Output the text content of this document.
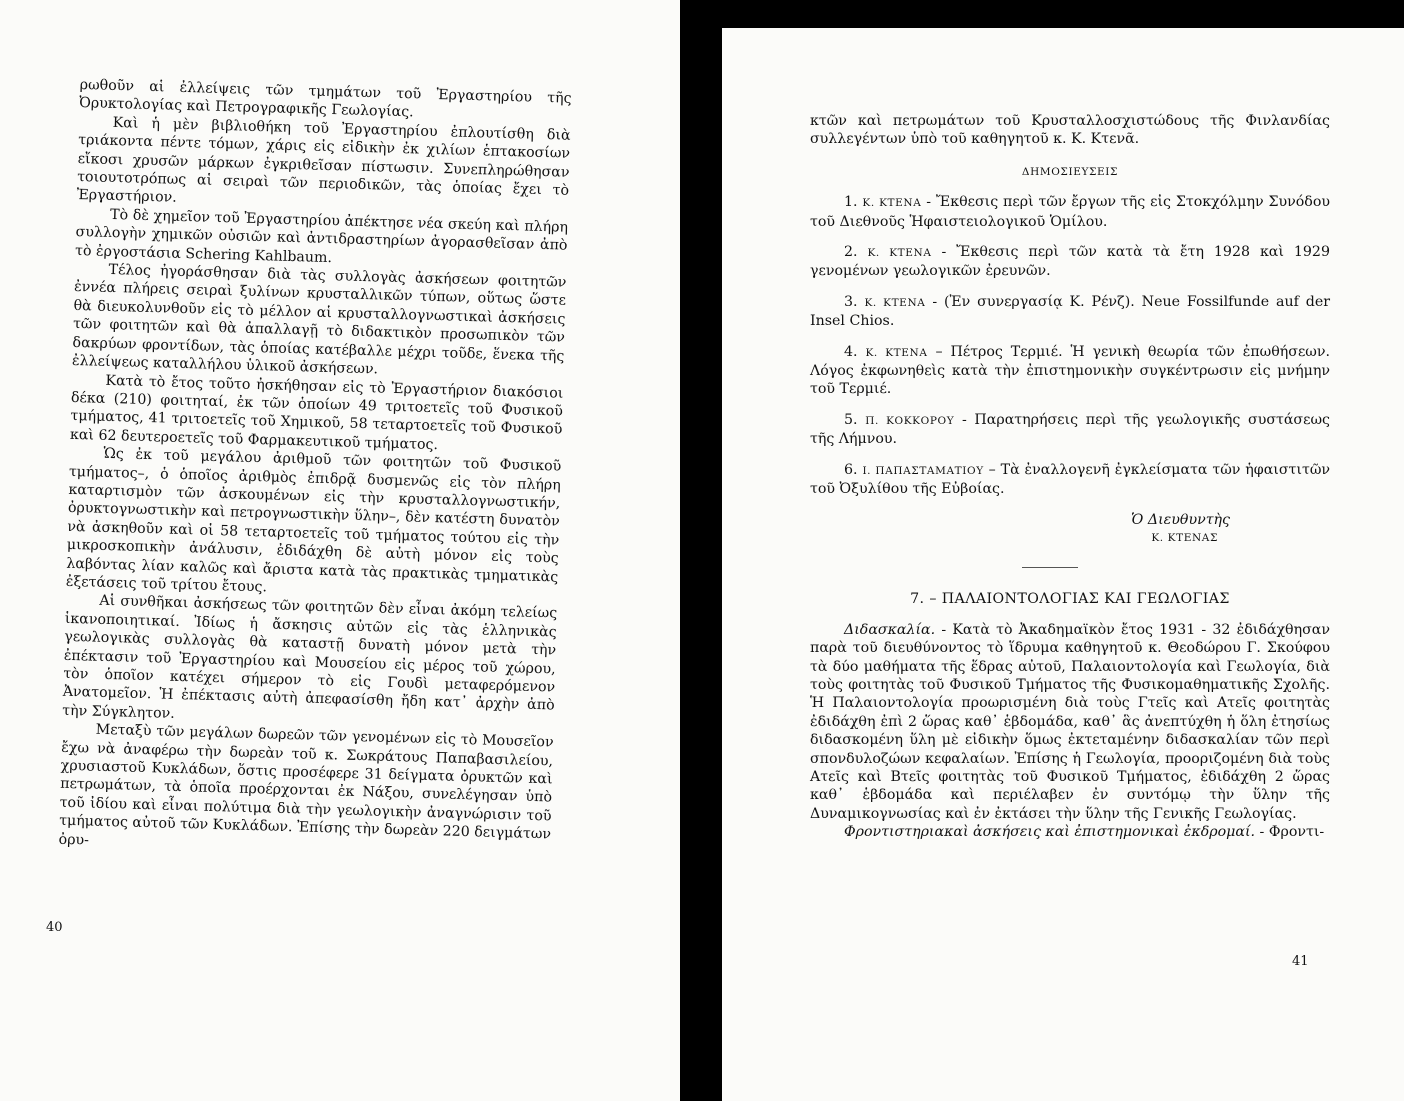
ρωθοῦν αἱ ἐλλείψεις τῶν τμημάτων τοῦ Ἐργαστηρίου τῆς Ὀρυκτολογίας καὶ Πετρογραφικῆς Γεωλογίας.

Καὶ ἡ μὲν βιβλιοθήκη τοῦ Ἐργαστηρίου ἐπλουτίσθη διὰ τριάκοντα πέντε τόμων, χάρις εἰς εἰδικὴν ἐκ χιλίων ἑπτακοσίων εἴκοσι χρυσῶν μάρκων ἐγκριθεῖσαν πίστωσιν. Συνεπληρώθησαν τοιουτοτρόπως αἱ σειραὶ τῶν περιοδικῶν, τὰς ὁποίας ἔχει τὸ Ἐργαστήριον.

Τὸ δὲ χημεῖον τοῦ Ἐργαστηρίου ἀπέκτησε νέα σκεύη καὶ πλήρη συλλογὴν χημικῶν οὐσιῶν καὶ ἀντιδραστηρίων ἀγορασθεῖσαν ἀπὸ τὸ ἐργοστάσια Schering Kahlbaum.

Τέλος ἠγοράσθησαν διὰ τὰς συλλογὰς ἀσκήσεων φοιτητῶν ἐννέα πλήρεις σειραὶ ξυλίνων κρυσταλλικῶν τύπων, οὕτως ὥστε θὰ διευκολυνθοῦν εἰς τὸ μέλλον αἱ κρυσταλλογνωστικαὶ ἀσκήσεις τῶν φοιτητῶν καὶ θὰ ἀπαλλαγῇ τὸ διδακτικὸν προσωπικὸν τῶν δακρύων φροντίδων, τὰς ὁποίας κατέβαλλε μέχρι τοῦδε, ἕνεκα τῆς ἐλλείψεως καταλλήλου ὑλικοῦ ἀσκήσεων.

Κατὰ τὸ ἔτος τοῦτο ἠσκήθησαν εἰς τὸ Ἐργαστήριον διακόσιοι δέκα (210) φοιτηταί, ἐκ τῶν ὁποίων 49 τριτοετεῖς τοῦ Φυσικοῦ τμήματος, 41 τριτοετεῖς τοῦ Χημικοῦ, 58 τεταρτοετεῖς τοῦ Φυσικοῦ καὶ 62 δευτεροετεῖς τοῦ Φαρμακευτικοῦ τμήματος.

Ὡς ἐκ τοῦ μεγάλου ἀριθμοῦ τῶν φοιτητῶν τοῦ Φυσικοῦ τμήματος–, ὁ ὁποῖος ἀριθμὸς ἐπιδρᾷ δυσμενῶς εἰς τὸν πλήρη καταρτισμὸν τῶν ἀσκουμένων εἰς τὴν κρυσταλλογνωστικήν, ὀρυκτογνωστικὴν καὶ πετρογνωστικὴν ὕλην–, δὲν κατέστη δυνατὸν νὰ ἀσκηθοῦν καὶ οἱ 58 τεταρτοετεῖς τοῦ τμήματος τούτου εἰς τὴν μικροσκοπικὴν ἀνάλυσιν, ἐδιδάχθη δὲ αὐτὴ μόνον εἰς τοὺς λαβόντας λίαν καλῶς καὶ ἄριστα κατὰ τὰς πρακτικὰς τμηματικὰς ἐξετάσεις τοῦ τρίτου ἔτους.

Αἱ συνθῆκαι ἀσκήσεως τῶν φοιτητῶν δὲν εἶναι ἀκόμη τελείως ἱκανοποιητικαί. Ἰδίως ἡ ἄσκησις αὐτῶν εἰς τὰς ἑλληνικὰς γεωλογικὰς συλλογὰς θὰ καταστῇ δυνατὴ μόνον μετὰ τὴν ἐπέκτασιν τοῦ Ἐργαστηρίου καὶ Μουσείου εἰς μέρος τοῦ χώρου, τὸν ὁποῖον κατέχει σήμερον τὸ εἰς Γουδὶ μεταφερόμενον Ἀνατομεῖον. Ἡ ἐπέκτασις αὐτὴ ἀπεφασίσθη ἤδη κατ᾽ ἀρχὴν ἀπὸ τὴν Σύγκλητον.

Μεταξὺ τῶν μεγάλων δωρεῶν τῶν γενομένων εἰς τὸ Μουσεῖον ἔχω νὰ ἀναφέρω τὴν δωρεὰν τοῦ κ. Σωκράτους Παπαβασιλείου, χρυσιαστοῦ Κυκλάδων, ὅστις προσέφερε 31 δείγματα ὀρυκτῶν καὶ πετρωμάτων, τὰ ὁποῖα προέρχονται ἐκ Νάξου, συνελέγησαν ὑπὸ τοῦ ἰδίου καὶ εἶναι πολύτιμα διὰ τὴν γεωλογικὴν ἀναγνώρισιν τοῦ τμήματος αὐτοῦ τῶν Κυκλάδων. Ἐπίσης τὴν δωρεὰν 220 δειγμάτων ὀρυ-

40

κτῶν καὶ πετρωμάτων τοῦ Κρυσταλλοσχιστώδους τῆς Φινλανδίας συλλεγέντων ὑπὸ τοῦ καθηγητοῦ κ. Κ. Κτενᾶ.

ΔΗΜΟΣΙΕΥΣΕΙΣ

1. Κ. ΚΤΕΝΑ - Ἔκθεσις περὶ τῶν ἔργων τῆς εἰς Στοκχόλμην Συνόδου τοῦ Διεθνοῦς Ἡφαιστειολογικοῦ Ὁμίλου.

2. Κ. ΚΤΕΝΑ - Ἔκθεσις περὶ τῶν κατὰ τὰ ἔτη 1928 καὶ 1929 γενομένων γεωλογικῶν ἐρευνῶν.

3. Κ. ΚΤΕΝΑ - (Ἐν συνεργασίᾳ Κ. Ρένζ). Neue Fossilfunde auf der Insel Chios.

4. Κ. ΚΤΕΝΑ – Πέτρος Τερμιέ. Ἡ γενικὴ θεωρία τῶν ἐπωθήσεων. Λόγος ἐκφωνηθεὶς κατὰ τὴν ἐπιστημονικὴν συγκέντρωσιν εἰς μνήμην τοῦ Τερμιέ.

5. Π. ΚΟΚΚΟΡΟΥ - Παρατηρήσεις περὶ τῆς γεωλογικῆς συστάσεως τῆς Λήμνου.

6. Ι. ΠΑΠΑΣΤΑΜΑΤΙΟΥ – Τὰ ἐναλλογενῆ ἐγκλείσματα τῶν ἡφαιστιτῶν τοῦ Ὀξυλίθου τῆς Εὐβοίας.

Ὁ Διευθυντὴς

Κ. ΚΤΕΝΑΣ

7. – ΠΑΛΑΙΟΝΤΟΛΟΓΙΑΣ ΚΑΙ ΓΕΩΛΟΓΙΑΣ

Διδασκαλία. - Κατὰ τὸ Ἀκαδημαϊκὸν ἔτος 1931 - 32 ἐδιδάχθησαν παρὰ τοῦ διευθύνοντος τὸ ἵδρυμα καθηγητοῦ κ. Θεοδώρου Γ. Σκούφου τὰ δύο μαθήματα τῆς ἕδρας αὐτοῦ, Παλαιοντολογία καὶ Γεωλογία, διὰ τοὺς φοιτητὰς τοῦ Φυσικοῦ Τμήματος τῆς Φυσικομαθηματικῆς Σχολῆς. Ἡ Παλαιοντολογία προωρισμένη διὰ τοὺς Γτεῖς καὶ Ατεῖς φοιτητὰς ἐδιδάχθη ἐπὶ 2 ὥρας καθ᾽ ἑβδομάδα, καθ᾽ ἃς ἀνεπτύχθη ἡ ὅλη ἐτησίως διδασκομένη ὕλη μὲ εἰδικὴν ὅμως ἐκτεταμένην διδασκαλίαν τῶν περὶ σπονδυλοζώων κεφαλαίων. Ἐπίσης ἡ Γεωλογία, προοριζομένη διὰ τοὺς Ατεῖς καὶ Βτεῖς φοιτητὰς τοῦ Φυσικοῦ Τμήματος, ἐδιδάχθη 2 ὥρας καθ᾽ ἑβδομάδα καὶ περιέλαβεν ἐν συντόμῳ τὴν ὕλην τῆς Δυναμικογνωσίας καὶ ἐν ἐκτάσει τὴν ὕλην τῆς Γενικῆς Γεωλογίας.

Φροντιστηριακαὶ ἀσκήσεις καὶ ἐπιστημονικαὶ ἐκδρομαί. - Φροντι-

41
